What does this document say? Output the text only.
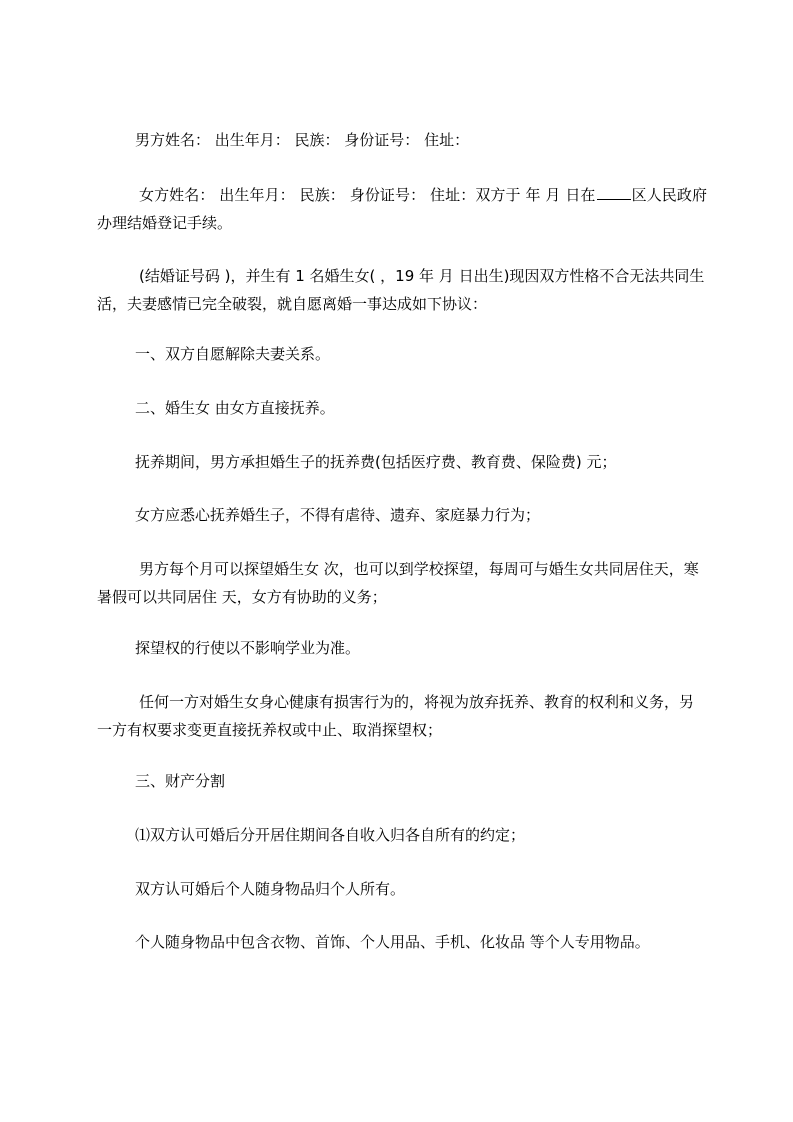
男方姓名： 出生年月： 民族： 身份证号： 住址：

女方姓名： 出生年月： 民族： 身份证号： 住址：双方于 年 月 日在 区人民政府办理结婚登记手续。

(结婚证号码 )，并生有 1 名婚生女( ，19 年 月 日出生)现因双方性格不合无法共同生活，夫妻感情已完全破裂，就自愿离婚一事达成如下协议：

一、双方自愿解除夫妻关系。

二、婚生女 由女方直接抚养。

抚养期间，男方承担婚生子的抚养费(包括医疗费、教育费、保险费) 元；

女方应悉心抚养婚生子，不得有虐待、遗弃、家庭暴力行为；

男方每个月可以探望婚生女 次，也可以到学校探望，每周可与婚生女共同居住天，寒暑假可以共同居住 天，女方有协助的义务；

探望权的行使以不影响学业为准。

任何一方对婚生女身心健康有损害行为的，将视为放弃抚养、教育的权利和义务，另一方有权要求变更直接抚养权或中止、取消探望权；

三、财产分割

⑴双方认可婚后分开居住期间各自收入归各自所有的约定；

双方认可婚后个人随身物品归个人所有。

个人随身物品中包含衣物、首饰、个人用品、手机、化妆品 等个人专用物品。
